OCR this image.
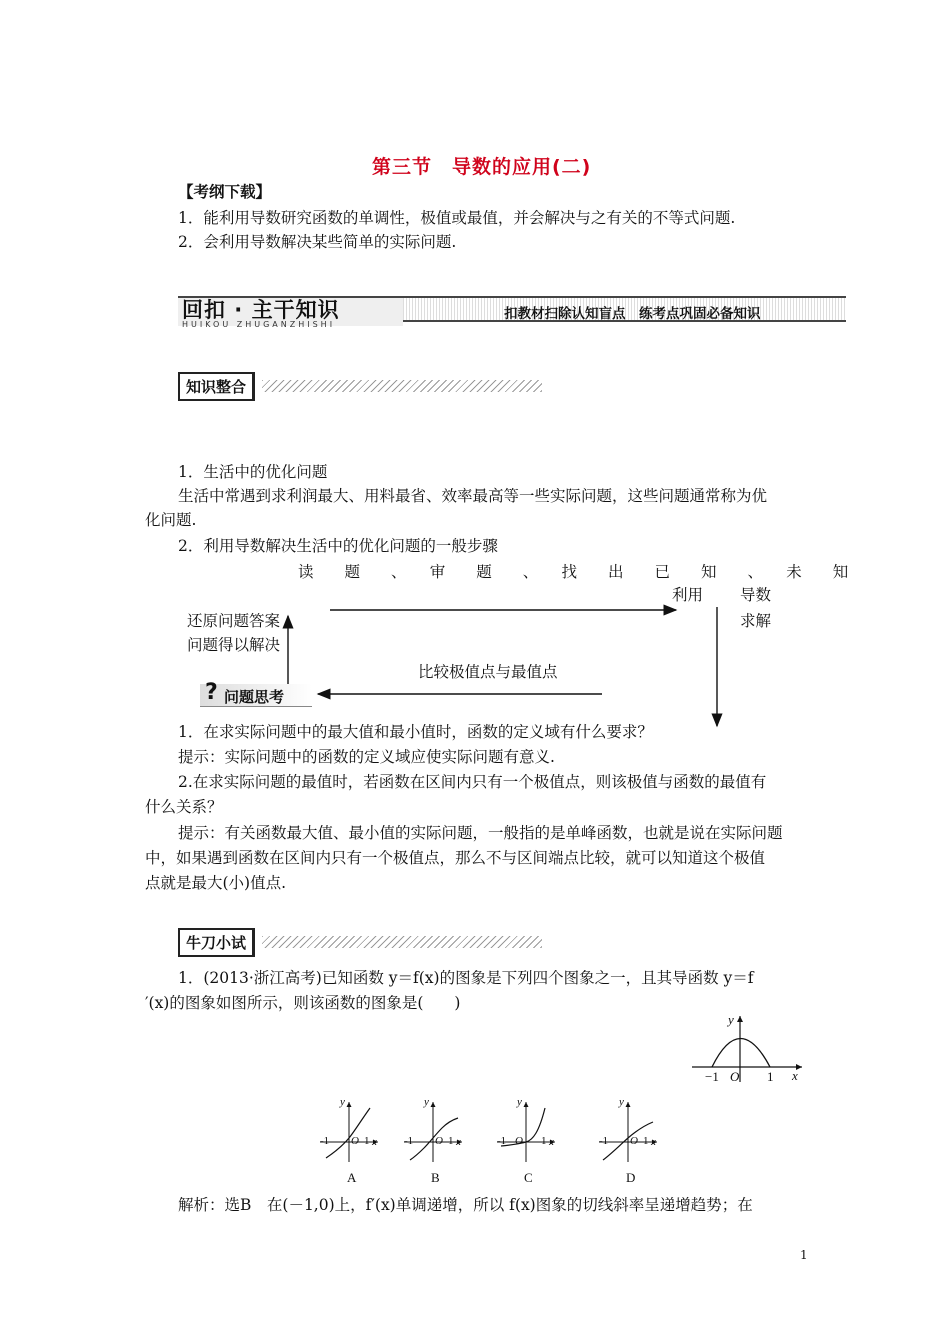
第三节　导数的应用(二)
【考纲下载】
1．能利用导数研究函数的单调性，极值或最值，并会解决与之有关的不等式问题.
2．会利用导数解决某些简单的实际问题.
回扣 · 主干知识
HUIKOU ZHUGANZHISHI
扣教材扫除认知盲点　练考点巩固必备知识
知识整合
1．生活中的优化问题
生活中常遇到求利润最大、用料最省、效率最高等一些实际问题，这些问题通常称为优
化问题.
2．利用导数解决生活中的优化问题的一般步骤
读　　题　　、　　审　　题　　、　　找　　出　　已　　知　　、　　未　　知
利用 导数
求解
还原问题答案
问题得以解决
比较极值点与最值点
? 问题思考
1．在求实际问题中的最大值和最小值时，函数的定义域有什么要求？
提示：实际问题中的函数的定义域应使实际问题有意义.
2.在求实际问题的最值时，若函数在区间内只有一个极值点，则该极值与函数的最值有
什么关系？
提示：有关函数最大值、最小值的实际问题，一般指的是单峰函数，也就是说在实际问题
中，如果遇到函数在区间内只有一个极值点，那么不与区间端点比较，就可以知道这个极值
点就是最大(小)值点.
牛刀小试
1．(2013·浙江高考)已知函数 y＝f(x)的图象是下列四个图象之一，且其导函数 y＝f
′(x)的图象如图所示，则该函数的图象是(　　)
y
x
−1 O 1
y
x
-1 O 1
A
y
x
-1 O 1
B
y
x
-1 O 1
C
y
x
-1 O 1
D
解析：选B　在(－1,0)上，f′(x)单调递增，所以 f(x)图象的切线斜率呈递增趋势；在
1
